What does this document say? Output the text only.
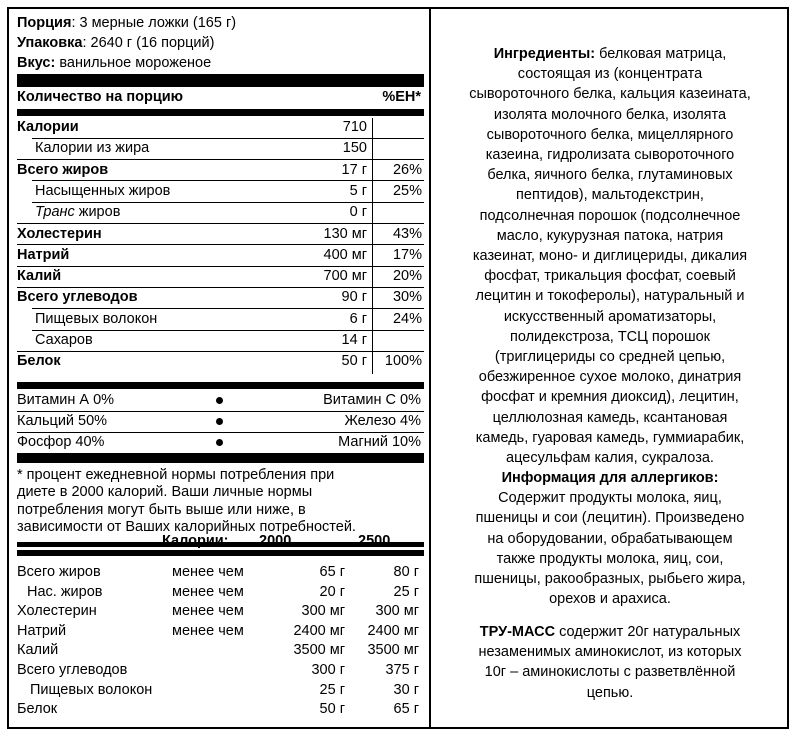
Порция: 3 мерные ложки (165 г)
Упаковка: 2640 г (16 порций)
Вкус: ванильное мороженое
Количество на порцию	%ЕН*
Калории	710
Калории из жира	150
Всего жиров	17 г	26%
Насыщенных жиров	5 г	25%
Транс жиров	0 г
Холестерин	130 мг	43%
Натрий	400 мг	17%
Калий	700 мг	20%
Всего углеводов	90 г	30%
Пищевых волокон	6 г	24%
Сахаров	14 г
Белок	50 г	100%
Витамин А 0%	Витамин С 0%
Кальций 50%	Железо 4%
Фосфор 40%	Магний 10%
* процент ежедневной нормы потребления при
диете в 2000 калорий. Ваши личные нормы
потребления могут быть выше или ниже, в
зависимости от Ваших калорийных потребностей.
Калории: 2000	2500
Всего жиров	менее чем	65 г	80 г
Нас. жиров	менее чем	20 г	25 г
Холестерин	менее чем	300 мг	300 мг
Натрий	менее чем	2400 мг	2400 мг
Калий	3500 мг	3500 мг
Всего углеводов	300 г	375 г
Пищевых волокон	25 г	30 г
Белок	50 г	65 г
Ингредиенты: белковая матрица,
состоящая из (концентрата
сывороточного белка, кальция казеината,
изолята молочного белка, изолята
сывороточного белка, мицеллярного
казеина, гидролизата сывороточного
белка, яичного белка, глутаминовых
пептидов), мальтодекстрин,
подсолнечная порошок (подсолнечное
масло, кукурузная патока, натрия
казеинат, моно- и диглицериды, дикалия
фосфат, трикальция фосфат, соевый
лецитин и токоферолы), натуральный и
искусственный ароматизаторы,
полидекстроза, ТСЦ порошок
(триглицериды со средней цепью,
обезжиренное сухое молоко, динатрия
фосфат и кремния диоксид), лецитин,
целлюлозная камедь, ксантановая
камедь, гуаровая камедь, гуммиарабик,
ацесульфам калия, сукралоза.
Информация для аллергиков:
Содержит продукты молока, яиц,
пшеницы и сои (лецитин). Произведено
на оборудовании, обрабатывающем
также продукты молока, яиц, сои,
пшеницы, ракообразных, рыбьего жира,
орехов и арахиса.
ТРУ-МАСС содержит 20г натуральных
незаменимых аминокислот, из которых
10г – аминокислоты с разветвлённой
цепью.
